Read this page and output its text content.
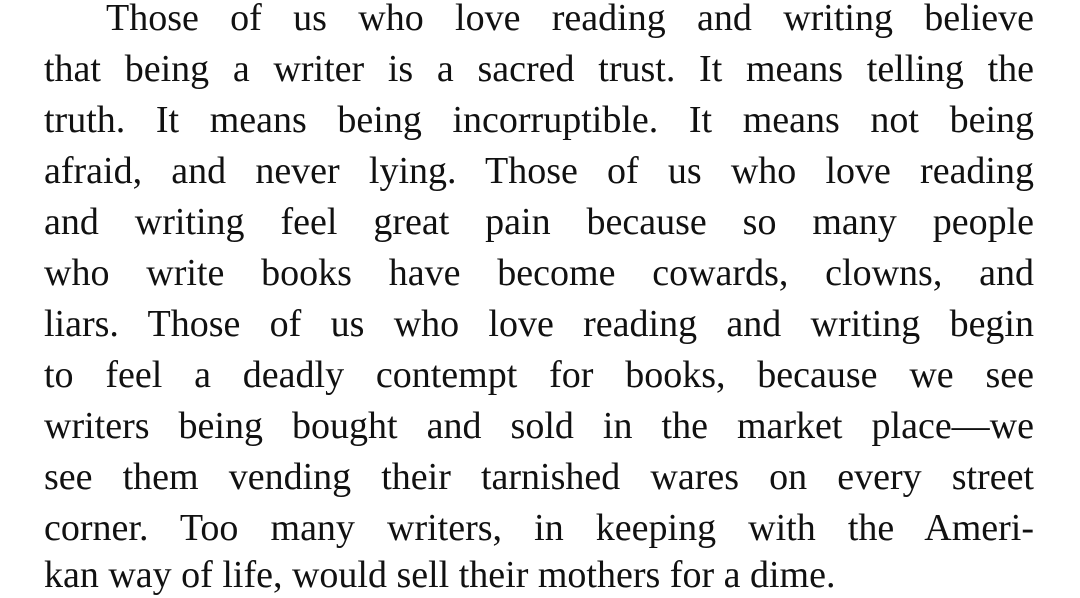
Those of us who love reading and writing believe

that being a writer is a sacred trust. It means telling the

truth. It means being incorruptible. It means not being

afraid, and never lying. Those of us who love reading

and writing feel great pain because so many people

who write books have become cowards, clowns, and

liars. Those of us who love reading and writing begin

to feel a deadly contempt for books, because we see

writers being bought and sold in the market place—we

see them vending their tarnished wares on every street

corner. Too many writers, in keeping with the Ameri-

kan way of life, would sell their mothers for a dime.
